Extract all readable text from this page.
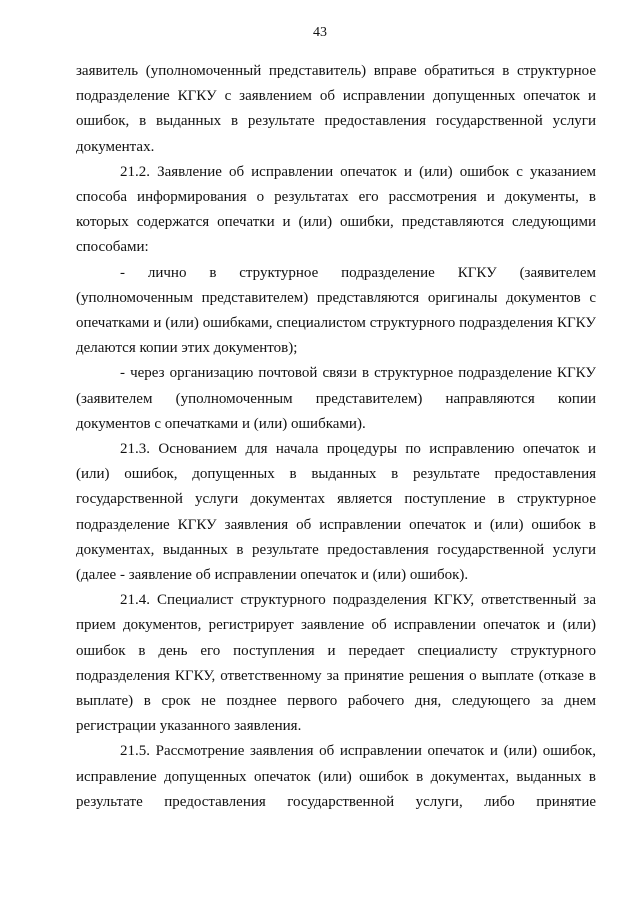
43

заявитель (уполномоченный представитель) вправе обратиться в структурное подразделение КГКУ с заявлением об исправлении допущенных опечаток и ошибок, в выданных в результате предоставления государственной услуги документах.

21.2. Заявление об исправлении опечаток и (или) ошибок с указанием способа информирования о результатах его рассмотрения и документы, в которых содержатся опечатки и (или) ошибки, представляются следующими способами:

- лично в структурное подразделение КГКУ (заявителем (уполномоченным представителем) представляются оригиналы документов с опечатками и (или) ошибками, специалистом структурного подразделения КГКУ делаются копии этих документов);

- через организацию почтовой связи в структурное подразделение КГКУ (заявителем (уполномоченным представителем) направляются копии документов с опечатками и (или) ошибками).

21.3. Основанием для начала процедуры по исправлению опечаток и (или) ошибок, допущенных в выданных в результате предоставления государственной услуги документах является поступление в структурное подразделение КГКУ заявления об исправлении опечаток и (или) ошибок в документах, выданных в результате предоставления государственной услуги (далее - заявление об исправлении опечаток и (или) ошибок).

21.4. Специалист структурного подразделения КГКУ, ответственный за прием документов, регистрирует заявление об исправлении опечаток и (или) ошибок в день его поступления и передает специалисту структурного подразделения КГКУ, ответственному за принятие решения о выплате (отказе в выплате) в срок не позднее первого рабочего дня, следующего за днем регистрации указанного заявления.

21.5. Рассмотрение заявления об исправлении опечаток и (или) ошибок, исправление допущенных опечаток (или) ошибок в документах, выданных в результате предоставления государственной услуги, либо принятие
